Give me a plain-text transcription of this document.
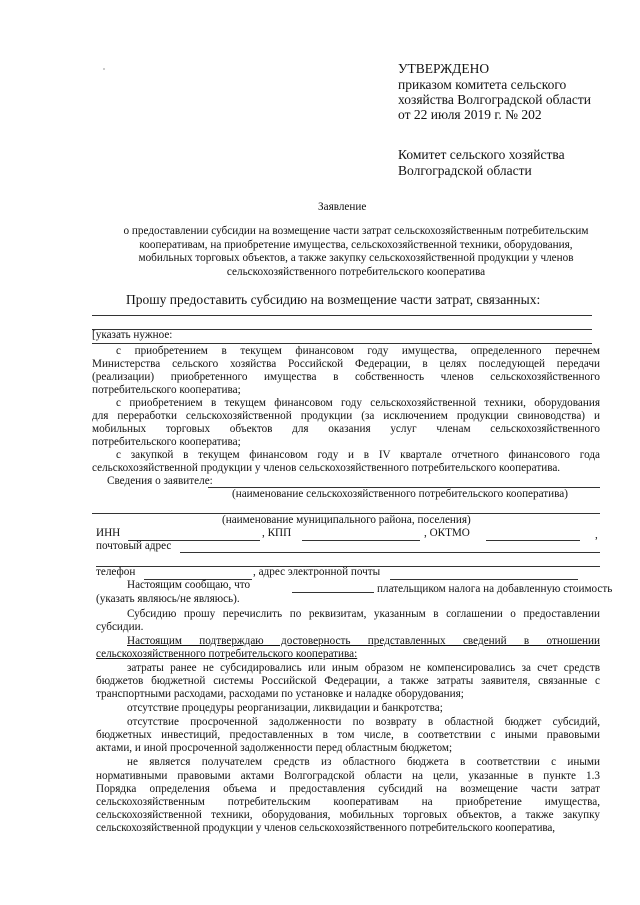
УТВЕРЖДЕНО
приказом комитета сельского
хозяйства Волгоградской области
от 22 июля 2019 г. № 202
Комитет сельского хозяйства
Волгоградской области
Заявление
о предоставлении субсидии на возмещение части затрат сельскохозяйственным потребительским
кооперативам, на приобретение имущества, сельскохозяйственной техники, оборудования,
мобильных торговых объектов, а также закупку сельскохозяйственной продукции у членов
сельскохозяйственного потребительского кооператива
Прошу предоставить субсидию на возмещение части затрат, связанных:
[указать нужное:
с приобретением в текущем финансовом году имущества, определенного перечнем
Министерства сельского хозяйства Российской Федерации, в целях последующей передачи
(реализации) приобретенного имущества в собственность членов сельскохозяйственного
потребительского кооператива;
с приобретением в текущем финансовом году сельскохозяйственной техники, оборудования
для переработки сельскохозяйственной продукции (за исключением продукции свиноводства) и
мобильных торговых объектов для оказания услуг членам сельскохозяйственного
потребительского кооператива;
с закупкой в текущем финансовом году и в IV квартале отчетного финансового года
сельскохозяйственной продукции у членов сельскохозяйственного потребительского кооператива.
Сведения о заявителе:
(наименование сельскохозяйственного потребительского кооператива)
(наименование муниципального района, поселения)
ИНН	, КПП	, ОКТМО	,
почтовый адрес
телефон	, адрес электронной почты
Настоящим сообщаю, что	плательщиком налога на добавленную стоимость
(указать являюсь/не являюсь).
Субсидию прошу перечислить по реквизитам, указанным в соглашении о предоставлении
субсидии.
Настоящим подтверждаю достоверность представленных сведений в отношении
сельскохозяйственного потребительского кооператива:
затраты ранее не субсидировались или иным образом не компенсировались за счет средств
бюджетов бюджетной системы Российской Федерации, а также затраты заявителя, связанные с
транспортными расходами, расходами по установке и наладке оборудования;
отсутствие процедуры реорганизации, ликвидации и банкротства;
отсутствие просроченной задолженности по возврату в областной бюджет субсидий,
бюджетных инвестиций, предоставленных в том числе, в соответствии с иными правовыми
актами, и иной просроченной задолженности перед областным бюджетом;
не является получателем средств из областного бюджета в соответствии с иными
нормативными правовыми актами Волгоградской области на цели, указанные в пункте 1.3
Порядка определения объема и предоставления субсидий на возмещение части затрат
сельскохозяйственным потребительским кооперативам на приобретение имущества,
сельскохозяйственной техники, оборудования, мобильных торговых объектов, а также закупку
сельскохозяйственной продукции у членов сельскохозяйственного потребительского кооператива,
